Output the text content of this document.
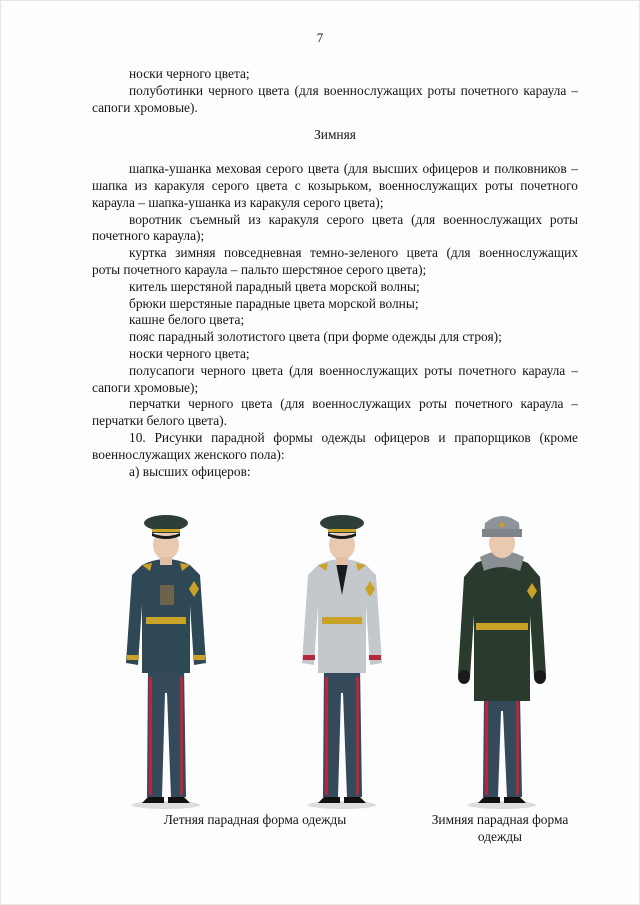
7

носки черного цвета;

полуботинки черного цвета (для военнослужащих роты почетного караула – сапоги хромовые).

Зимняя

шапка-ушанка меховая серого цвета (для высших офицеров и полковников – шапка из каракуля серого цвета с козырьком, военнослужащих роты почетного караула – шапка-ушанка из каракуля серого цвета);

воротник съемный из каракуля серого цвета (для военнослужащих роты почетного караула);

куртка зимняя повседневная темно-зеленого цвета (для военнослужащих роты почетного караула – пальто шерстяное серого цвета);

китель шерстяной парадный цвета морской волны;

брюки шерстяные парадные цвета морской волны;

кашне белого цвета;

пояс парадный золотистого цвета (при форме одежды для строя);

носки черного цвета;

полусапоги черного цвета (для военнослужащих роты почетного караула – сапоги хромовые);

перчатки черного цвета (для военнослужащих роты почетного караула – перчатки белого цвета).

10. Рисунки парадной формы одежды офицеров и прапорщиков (кроме военнослужащих женского пола):

а) высших офицеров:

Летняя парадная форма одежды	Зимняя парадная форма одежды
